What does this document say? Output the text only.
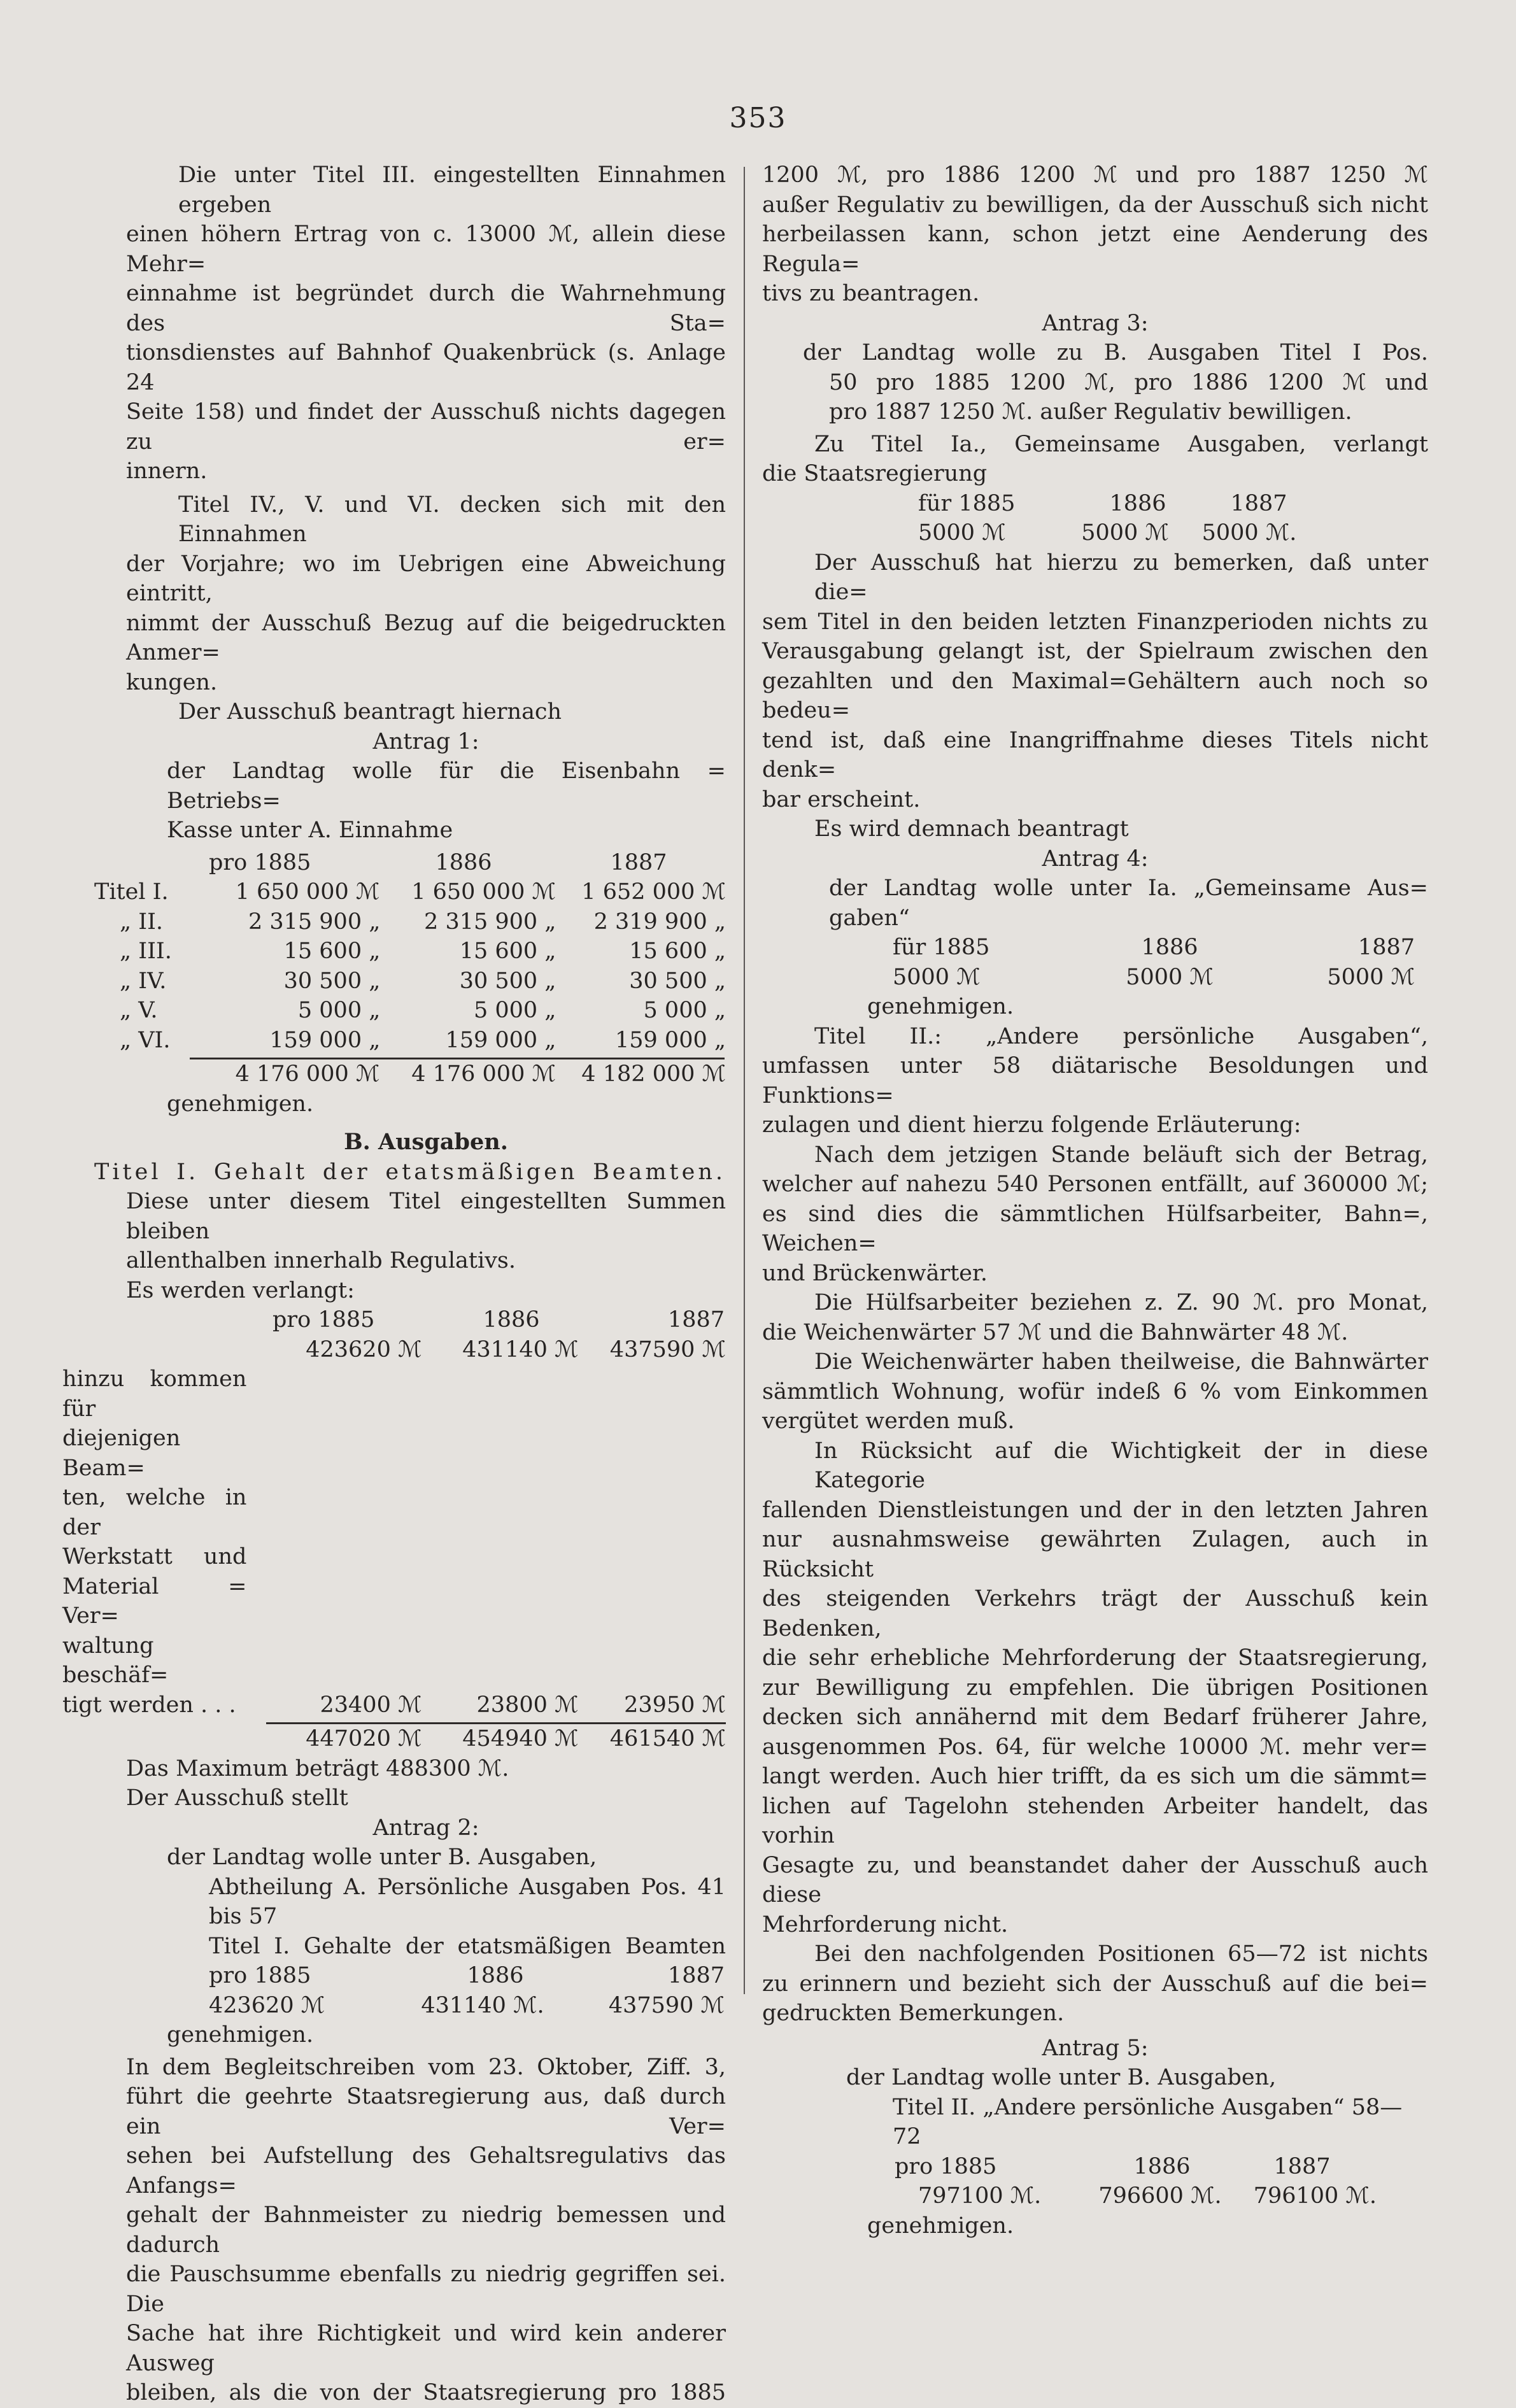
353

Die unter Titel III. eingestellten Einnahmen ergeben

einen höhern Ertrag von c. 13000 ℳ, allein diese Mehr=

einnahme ist begründet durch die Wahrnehmung des Sta=

tionsdienstes auf Bahnhof Quakenbrück (s. Anlage 24

Seite 158) und findet der Ausschuß nichts dagegen zu er=

innern.

Titel IV., V. und VI. decken sich mit den Einnahmen

der Vorjahre; wo im Uebrigen eine Abweichung eintritt,

nimmt der Ausschuß Bezug auf die beigedruckten Anmer=

kungen.

Der Ausschuß beantragt hiernach

Antrag 1:

der Landtag wolle für die Eisenbahn = Betriebs=

Kasse unter A. Einnahme

pro 1885	1886	1887
Titel I.	1 650 000 ℳ	1 650 000 ℳ	1 652 000 ℳ
„ II.	2 315 900 „	2 315 900 „	2 319 900 „
„ III.	15 600 „	15 600 „	15 600 „
„ IV.	30 500 „	30 500 „	30 500 „
„ V.	5 000 „	5 000 „	5 000 „
„ VI.	159 000 „	159 000 „	159 000 „
4 176 000 ℳ	4 176 000 ℳ	4 182 000 ℳ

genehmigen.

B. Ausgaben.

Titel I. Gehalt der etatsmäßigen Beamten.

Diese unter diesem Titel eingestellten Summen bleiben

allenthalben innerhalb Regulativs.

Es werden verlangt:

pro 1885	1886	1887
423620 ℳ	431140 ℳ	437590 ℳ

hinzu kommen für

diejenigen Beam=

ten, welche in der

Werkstatt und

Material = Ver=

waltung beschäf=

tigt werden . . .	23400 ℳ	23800 ℳ	23950 ℳ
447020 ℳ	454940 ℳ	461540 ℳ

Das Maximum beträgt 488300 ℳ.

Der Ausschuß stellt

Antrag 2:

der Landtag wolle unter B. Ausgaben,

Abtheilung A. Persönliche Ausgaben Pos. 41

bis 57

Titel I. Gehalte der etatsmäßigen Beamten

pro 1885	1886	1887
423620 ℳ	431140 ℳ.	437590 ℳ

genehmigen.

In dem Begleitschreiben vom 23. Oktober, Ziff. 3,

führt die geehrte Staatsregierung aus, daß durch ein Ver=

sehen bei Aufstellung des Gehaltsregulativs das Anfangs=

gehalt der Bahnmeister zu niedrig bemessen und dadurch

die Pauschsumme ebenfalls zu niedrig gegriffen sei. Die

Sache hat ihre Richtigkeit und wird kein anderer Ausweg

bleiben, als die von der Staatsregierung pro 1885

1200 ℳ, pro 1886 1200 ℳ und pro 1887 1250 ℳ

außer Regulativ zu bewilligen, da der Ausschuß sich nicht

herbeilassen kann, schon jetzt eine Aenderung des Regula=

tivs zu beantragen.

Antrag 3:

der Landtag wolle zu B. Ausgaben Titel I Pos.

50 pro 1885 1200 ℳ, pro 1886 1200 ℳ und

pro 1887 1250 ℳ. außer Regulativ bewilligen.

Zu Titel Ia., Gemeinsame Ausgaben, verlangt

die Staatsregierung

für 1885	1886	1887
5000 ℳ	5000 ℳ	5000 ℳ.

Der Ausschuß hat hierzu zu bemerken, daß unter die=

sem Titel in den beiden letzten Finanzperioden nichts zu

Verausgabung gelangt ist, der Spielraum zwischen den

gezahlten und den Maximal=Gehältern auch noch so bedeu=

tend ist, daß eine Inangriffnahme dieses Titels nicht denk=

bar erscheint.

Es wird demnach beantragt

Antrag 4:

der Landtag wolle unter Ia. „Gemeinsame Aus=

gaben“

für 1885	1886	1887
5000 ℳ	5000 ℳ	5000 ℳ

genehmigen.

Titel II.: „Andere persönliche Ausgaben“,

umfassen unter 58 diätarische Besoldungen und Funktions=

zulagen und dient hierzu folgende Erläuterung:

Nach dem jetzigen Stande beläuft sich der Betrag,

welcher auf nahezu 540 Personen entfällt, auf 360000 ℳ;

es sind dies die sämmtlichen Hülfsarbeiter, Bahn=, Weichen=

und Brückenwärter.

Die Hülfsarbeiter beziehen z. Z. 90 ℳ. pro Monat,

die Weichenwärter 57 ℳ und die Bahnwärter 48 ℳ.

Die Weichenwärter haben theilweise, die Bahnwärter

sämmtlich Wohnung, wofür indeß 6 % vom Einkommen

vergütet werden muß.

In Rücksicht auf die Wichtigkeit der in diese Kategorie

fallenden Dienstleistungen und der in den letzten Jahren

nur ausnahmsweise gewährten Zulagen, auch in Rücksicht

des steigenden Verkehrs trägt der Ausschuß kein Bedenken,

die sehr erhebliche Mehrforderung der Staatsregierung,

zur Bewilligung zu empfehlen. Die übrigen Positionen

decken sich annähernd mit dem Bedarf früherer Jahre,

ausgenommen Pos. 64, für welche 10000 ℳ. mehr ver=

langt werden. Auch hier trifft, da es sich um die sämmt=

lichen auf Tagelohn stehenden Arbeiter handelt, das vorhin

Gesagte zu, und beanstandet daher der Ausschuß auch diese

Mehrforderung nicht.

Bei den nachfolgenden Positionen 65—72 ist nichts

zu erinnern und bezieht sich der Ausschuß auf die bei=

gedruckten Bemerkungen.

Antrag 5:

der Landtag wolle unter B. Ausgaben,

Titel II. „Andere persönliche Ausgaben“ 58—72

pro 1885	1886	1887
797100 ℳ.	796600 ℳ.	796100 ℳ.

genehmigen.
